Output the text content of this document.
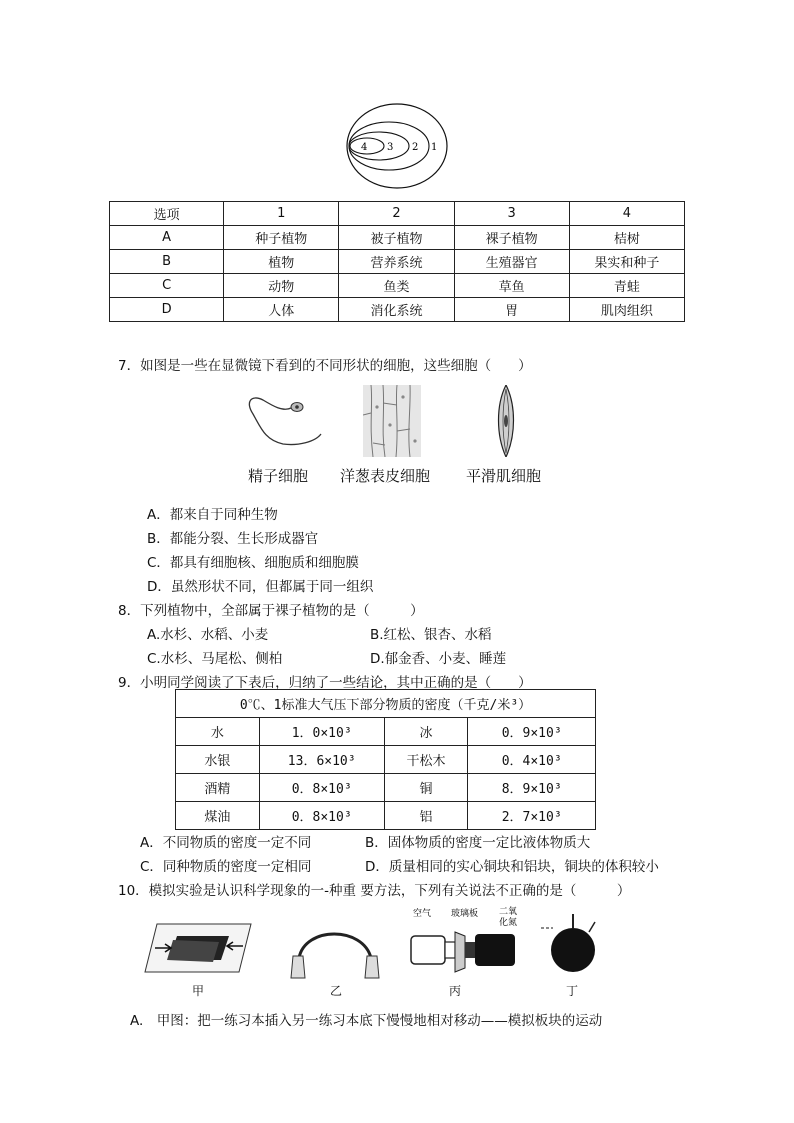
4 3 2 1
选项	1	2	3	4
A	种子植物	被子植物	裸子植物	桔树
B	植物	营养系统	生殖器官	果实和种子
C	动物	鱼类	草鱼	青蛙
D	人体	消化系统	胃	肌肉组织
7．如图是一些在显微镜下看到的不同形状的细胞，这些细胞（　　）
精子细胞 洋葱表皮细胞 平滑肌细胞
A．都来自于同种生物
B．都能分裂、生长形成器官
C．都具有细胞核、细胞质和细胞膜
D．虽然形状不同，但都属于同一组织
8．下列植物中，全部属于裸子植物的是（　　　）
A.水杉、水稻、小麦	B.红松、银杏、水稻
C.水杉、马尾松、侧柏	D.郁金香、小麦、睡莲
9．小明同学阅读了下表后，归纳了一些结论，其中正确的是（　　）
0℃、1标准大气压下部分物质的密度（千克/米³）			
水	1．0×10³	冰	0．9×10³
水银	13．6×10³	干松木	0．4×10³
酒精	0．8×10³	铜	8．9×10³
煤油	0．8×10³	铝	2．7×10³
A．不同物质的密度一定不同	B．固体物质的密度一定比液体物质大
C．同种物质的密度一定相同	D．质量相同的实心铜块和铝块，铜块的体积较小
10．模拟实验是认识科学现象的一-种重 要方法，下列有关说法不正确的是（　　　）
空气 玻璃板 二氧
化氮
甲	乙	丙	丁
A.　甲图：把一练习本插入另一练习本底下慢慢地相对移动——模拟板块的运动
